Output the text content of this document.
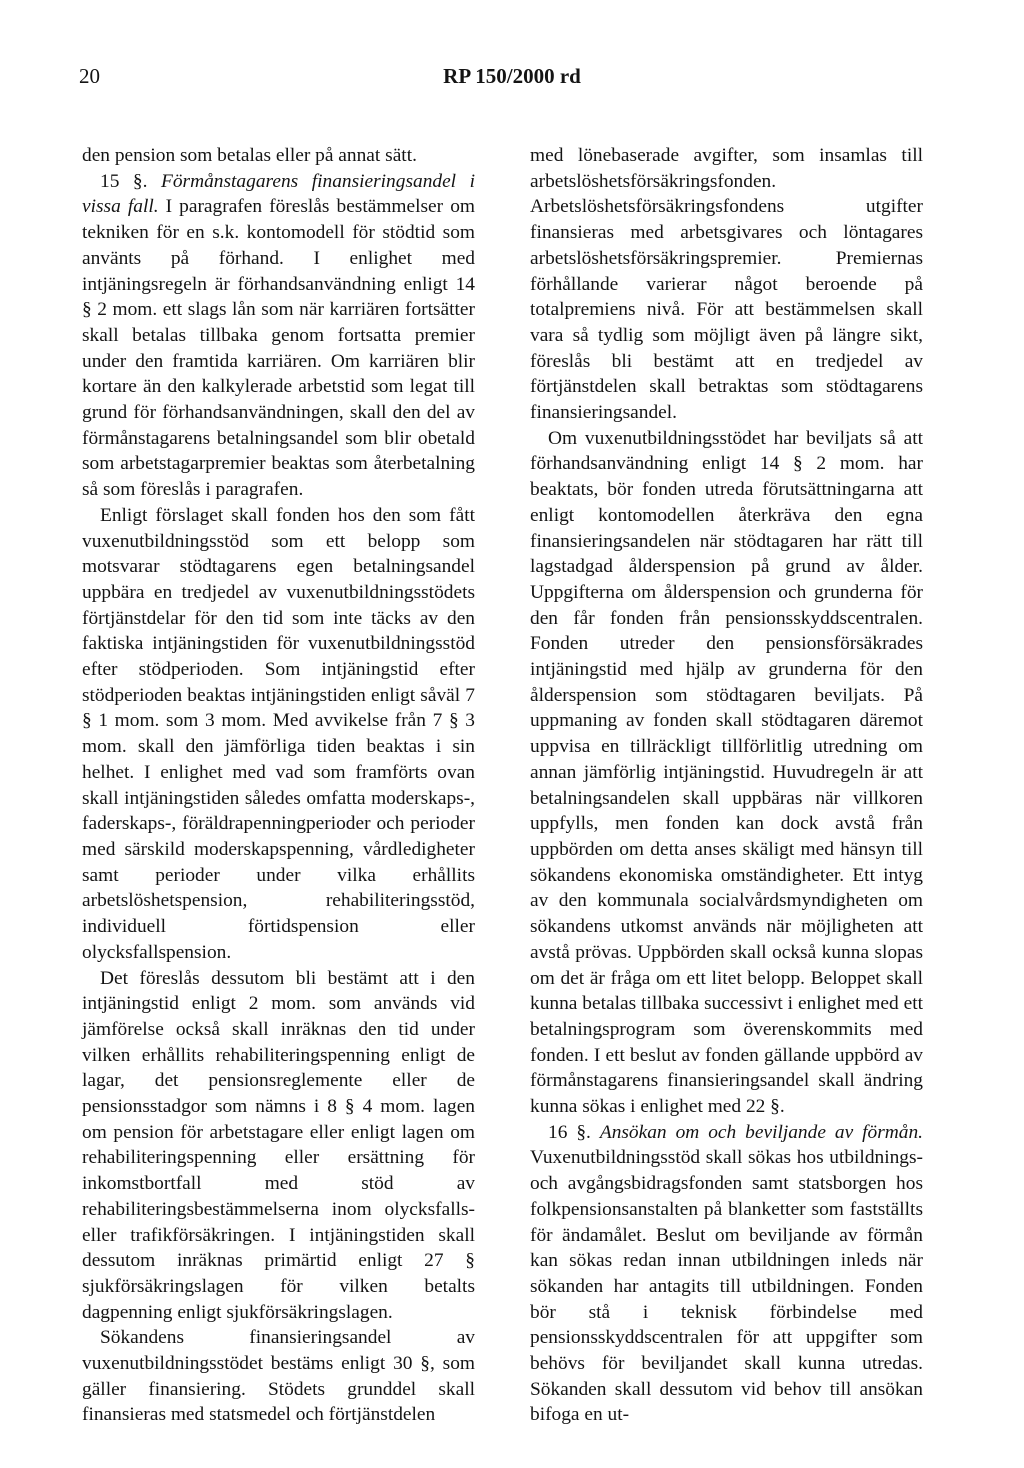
20	RP 150/2000 rd

den pension som betalas eller på annat sätt.

15 §. Förmånstagarens finansieringsandel i vissa fall. I paragrafen föreslås bestämmelser om tekniken för en s.k. kontomodell för stödtid som använts på förhand. I enlighet med intjäningsregeln är förhandsanvändning enligt 14 § 2 mom. ett slags lån som när karriären fortsätter skall betalas tillbaka genom fortsatta premier under den framtida karriären. Om karriären blir kortare än den kalkylerade arbetstid som legat till grund för förhandsanvändningen, skall den del av förmånstagarens betalningsandel som blir obetald som arbetstagarpremier beaktas som återbetalning så som föreslås i paragrafen.

Enligt förslaget skall fonden hos den som fått vuxenutbildningsstöd som ett belopp som motsvarar stödtagarens egen betalningsandel uppbära en tredjedel av vuxenutbildningsstödets förtjänstdelar för den tid som inte täcks av den faktiska intjäningstiden för vuxenutbildningsstöd efter stödperioden. Som intjäningstid efter stödperioden beaktas intjäningstiden enligt såväl 7 § 1 mom. som 3 mom. Med avvikelse från 7 § 3 mom. skall den jämförliga tiden beaktas i sin helhet. I enlighet med vad som framförts ovan skall intjäningstiden således omfatta moderskaps-, faderskaps-, föräldrapenningperioder och perioder med särskild moderskapspenning, vårdledigheter samt perioder under vilka erhållits arbetslöshetspension, rehabiliteringsstöd, individuell förtidspension eller olycksfallspension.

Det föreslås dessutom bli bestämt att i den intjäningstid enligt 2 mom. som används vid jämförelse också skall inräknas den tid under vilken erhållits rehabiliteringspenning enligt de lagar, det pensionsreglemente eller de pensionsstadgor som nämns i 8 § 4 mom. lagen om pension för arbetstagare eller enligt lagen om rehabiliteringspenning eller ersättning för inkomstbortfall med stöd av rehabiliteringsbestämmelserna inom olycksfalls- eller trafikförsäkringen. I intjäningstiden skall dessutom inräknas primärtid enligt 27 § sjukförsäkringslagen för vilken betalts dagpenning enligt sjukförsäkringslagen.

Sökandens finansieringsandel av vuxenutbildningsstödet bestäms enligt 30 §, som gäller finansiering. Stödets grunddel skall finansieras med statsmedel och förtjänstdelen

med lönebaserade avgifter, som insamlas till arbetslöshetsförsäkringsfonden. Arbetslöshetsförsäkringsfondens utgifter finansieras med arbetsgivares och löntagares arbetslöshetsförsäkringspremier. Premiernas förhållande varierar något beroende på totalpremiens nivå. För att bestämmelsen skall vara så tydlig som möjligt även på längre sikt, föreslås bli bestämt att en tredjedel av förtjänstdelen skall betraktas som stödtagarens finansieringsandel.

Om vuxenutbildningsstödet har beviljats så att förhandsanvändning enligt 14 § 2 mom. har beaktats, bör fonden utreda förutsättningarna att enligt kontomodellen återkräva den egna finansieringsandelen när stödtagaren har rätt till lagstadgad ålderspension på grund av ålder. Uppgifterna om ålderspension och grunderna för den får fonden från pensionsskyddscentralen. Fonden utreder den pensionsförsäkrades intjäningstid med hjälp av grunderna för den ålderspension som stödtagaren beviljats. På uppmaning av fonden skall stödtagaren däremot uppvisa en tillräckligt tillförlitlig utredning om annan jämförlig intjäningstid. Huvudregeln är att betalningsandelen skall uppbäras när villkoren uppfylls, men fonden kan dock avstå från uppbörden om detta anses skäligt med hänsyn till sökandens ekonomiska omständigheter. Ett intyg av den kommunala socialvårdsmyndigheten om sökandens utkomst används när möjligheten att avstå prövas. Uppbörden skall också kunna slopas om det är fråga om ett litet belopp. Beloppet skall kunna betalas tillbaka successivt i enlighet med ett betalningsprogram som överenskommits med fonden. I ett beslut av fonden gällande uppbörd av förmånstagarens finansieringsandel skall ändring kunna sökas i enlighet med 22 §.

16 §. Ansökan om och beviljande av förmån. Vuxenutbildningsstöd skall sökas hos utbildnings- och avgångsbidragsfonden samt statsborgen hos folkpensionsanstalten på blanketter som fastställts för ändamålet. Beslut om beviljande av förmån kan sökas redan innan utbildningen inleds när sökanden har antagits till utbildningen. Fonden bör stå i teknisk förbindelse med pensionsskyddscentralen för att uppgifter som behövs för beviljandet skall kunna utredas. Sökanden skall dessutom vid behov till ansökan bifoga en ut-
